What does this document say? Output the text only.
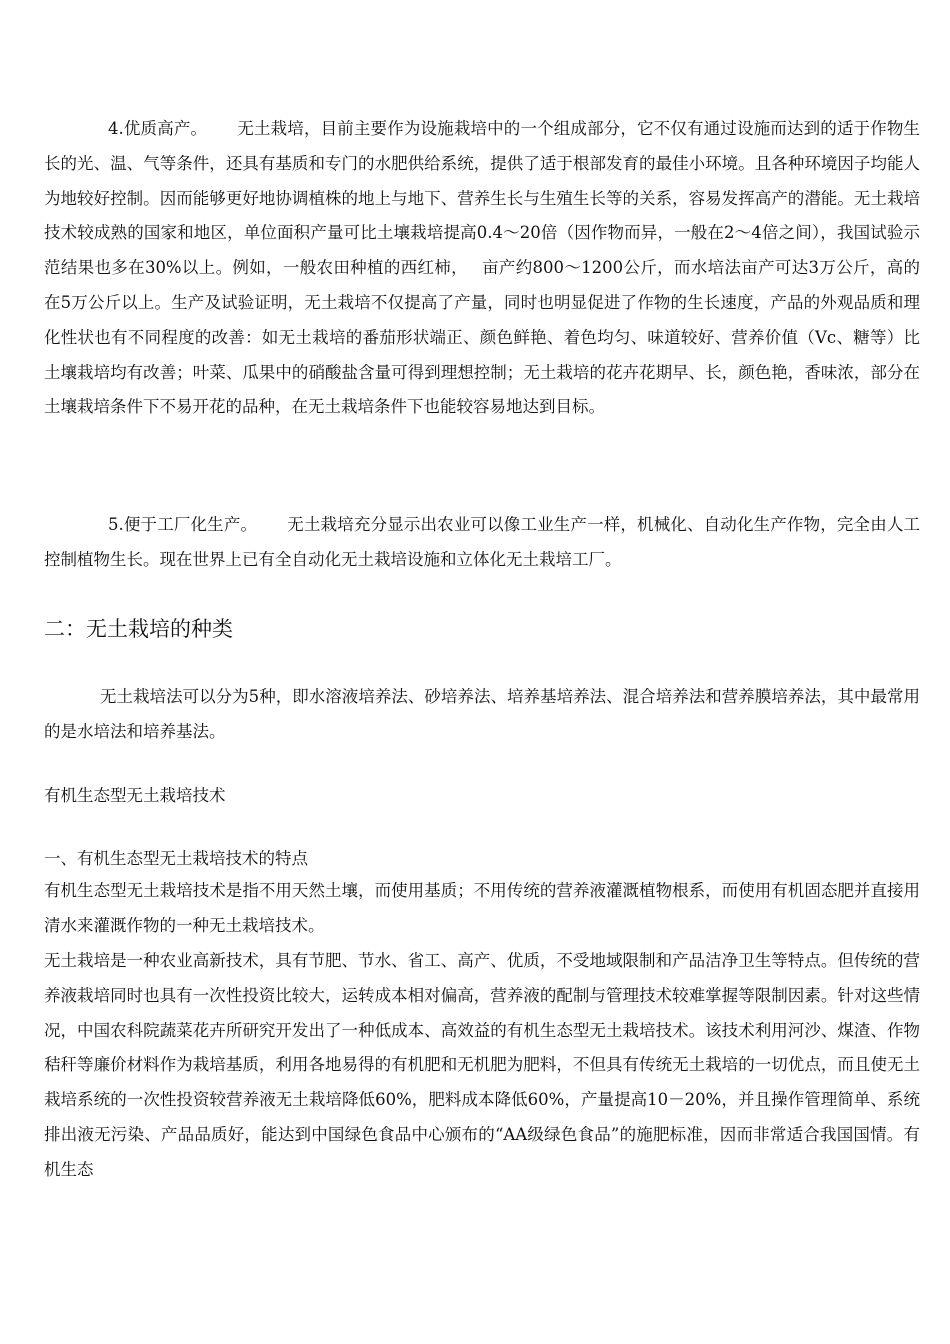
4.优质高产。 无土栽培，目前主要作为设施栽培中的一个组成部分，它不仅有通过设施而达到的适于作物生长的光、温、气等条件，还具有基质和专门的水肥供给系统，提供了适于根部发育的最佳小环境。且各种环境因子均能人为地较好控制。因而能够更好地协调植株的地上与地下、营养生长与生殖生长等的关系，容易发挥高产的潜能。无土栽培技术较成熟的国家和地区，单位面积产量可比土壤栽培提高0.4～20倍（因作物而异，一般在2～4倍之间），我国试验示范结果也多在30%以上。例如，一般农田种植的西红柿，　 亩产约800～1200公斤，而水培法亩产可达3万公斤，高的在5万公斤以上。生产及试验证明，无土栽培不仅提高了产量，同时也明显促进了作物的生长速度，产品的外观品质和理化性状也有不同程度的改善：如无土栽培的番茄形状端正、颜色鲜艳、着色均匀、味道较好、营养价值（Vc、糖等）比土壤栽培均有改善；叶菜、瓜果中的硝酸盐含量可得到理想控制；无土栽培的花卉花期早、长，颜色艳，香味浓，部分在土壤栽培条件下不易开花的品种，在无土栽培条件下也能较容易地达到目标。

5.便于工厂化生产。 无土栽培充分显示出农业可以像工业生产一样，机械化、自动化生产作物，完全由人工控制植物生长。现在世界上已有全自动化无土栽培设施和立体化无土栽培工厂。

二：无土栽培的种类

无土栽培法可以分为5种，即水溶液培养法、砂培养法、培养基培养法、混合培养法和营养膜培养法，其中最常用的是水培法和培养基法。

有机生态型无土栽培技术

一、有机生态型无土栽培技术的特点

有机生态型无土栽培技术是指不用天然土壤，而使用基质；不用传统的营养液灌溉植物根系，而使用有机固态肥并直接用清水来灌溉作物的一种无土栽培技术。

无土栽培是一种农业高新技术，具有节肥、节水、省工、高产、优质，不受地域限制和产品洁净卫生等特点。但传统的营养液栽培同时也具有一次性投资比较大，运转成本相对偏高，营养液的配制与管理技术较难掌握等限制因素。针对这些情况，中国农科院蔬菜花卉所研究开发出了一种低成本、高效益的有机生态型无土栽培技术。该技术利用河沙、煤渣、作物秸秆等廉价材料作为栽培基质，利用各地易得的有机肥和无机肥为肥料，不但具有传统无土栽培的一切优点，而且使无土栽培系统的一次性投资较营养液无土栽培降低60%，肥料成本降低60%，产量提高10－20%，并且操作管理简单、系统排出液无污染、产品品质好，能达到中国绿色食品中心颁布的“AA级绿色食品”的施肥标准，因而非常适合我国国情。有机生态
